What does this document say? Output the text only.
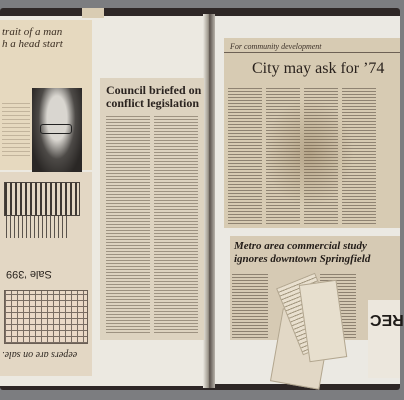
trait of a man
h a head start
Sale ’399
eepers are on sale.
Council briefed on conflict legislation
For community development
City may ask for ’74
Metro area commercial study ignores downtown Springfield
REC
